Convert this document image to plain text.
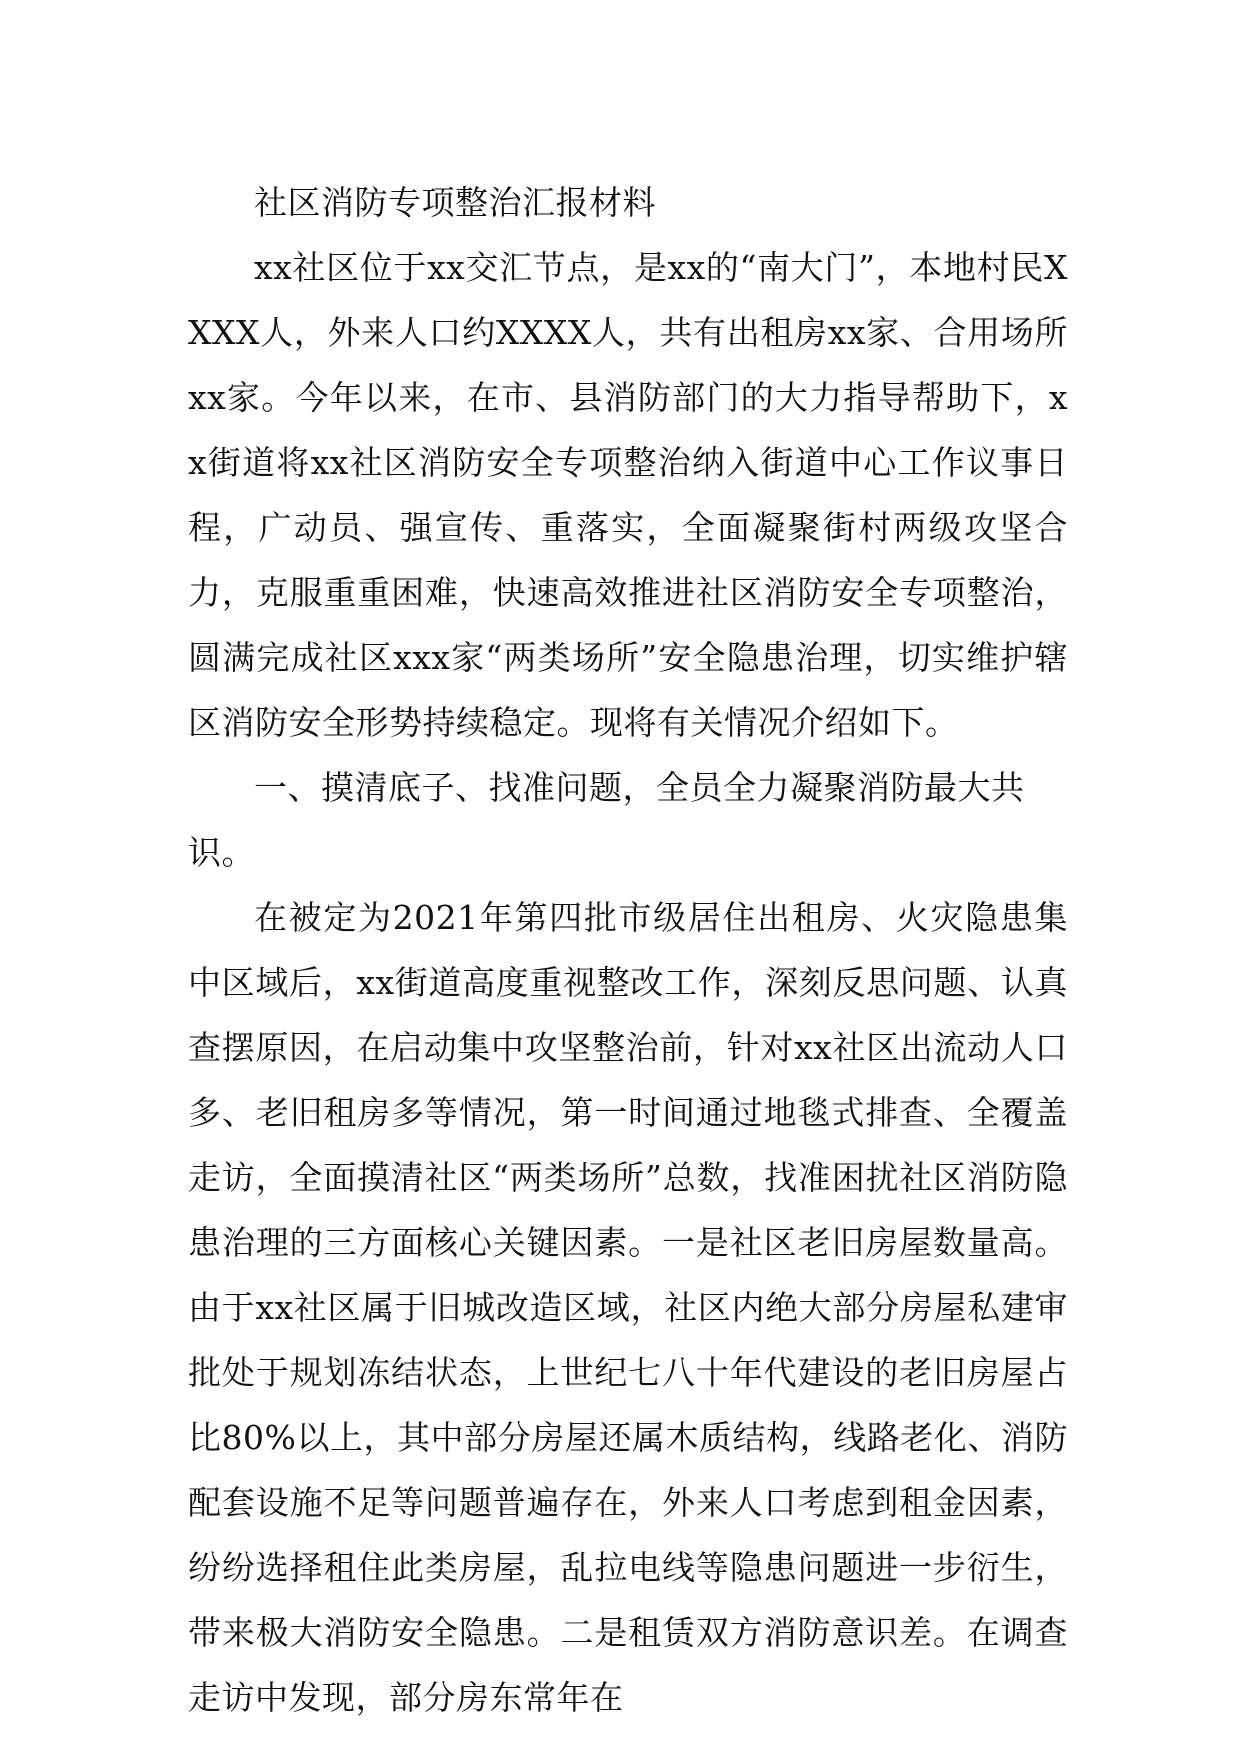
社区消防专项整治汇报材料

xx社区位于xx交汇节点，是xx的“南大门”，本地村民XXXX人，外来人口约XXXX人，共有出租房xx家、合用场所xx家。今年以来，在市、县消防部门的大力指导帮助下，xx街道将xx社区消防安全专项整治纳入街道中心工作议事日程，广动员、强宣传、重落实，全面凝聚街村两级攻坚合力，克服重重困难，快速高效推进社区消防安全专项整治，圆满完成社区xxx家“两类场所”安全隐患治理，切实维护辖区消防安全形势持续稳定。现将有关情况介绍如下。

一、摸清底子、找准问题，全员全力凝聚消防最大共识。

在被定为2021年第四批市级居住出租房、火灾隐患集中区域后，xx街道高度重视整改工作，深刻反思问题、认真查摆原因，在启动集中攻坚整治前，针对xx社区出流动人口多、老旧租房多等情况，第一时间通过地毯式排查、全覆盖走访，全面摸清社区“两类场所”总数，找准困扰社区消防隐患治理的三方面核心关键因素。一是社区老旧房屋数量高。由于xx社区属于旧城改造区域，社区内绝大部分房屋私建审批处于规划冻结状态，上世纪七八十年代建设的老旧房屋占比80%以上，其中部分房屋还属木质结构，线路老化、消防配套设施不足等问题普遍存在，外来人口考虑到租金因素，纷纷选择租住此类房屋，乱拉电线等隐患问题进一步衍生，带来极大消防安全隐患。二是租赁双方消防意识差。在调查走访中发现，部分房东常年在
